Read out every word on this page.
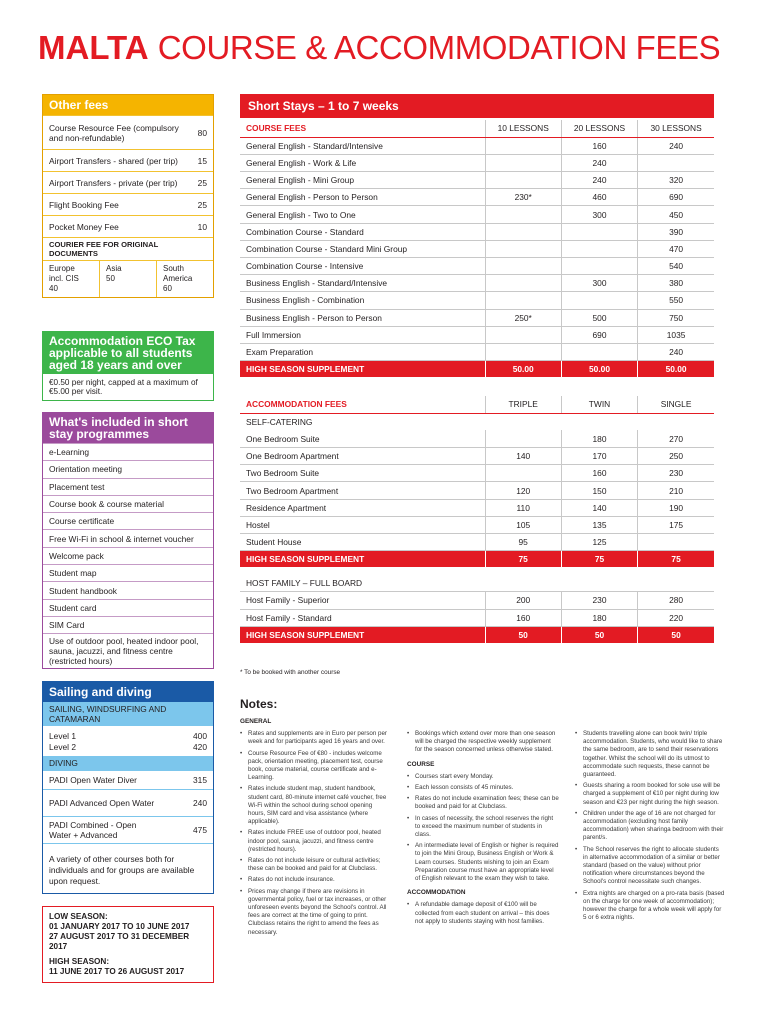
MALTA COURSE & ACCOMMODATION FEES
Other fees
Course Resource Fee (compulsory and non-refundable)	80
Airport Transfers - shared (per trip)	15
Airport Transfers - private (per trip)	25
Flight Booking Fee	25
Pocket Money Fee	10
COURIER FEE FOR ORIGINAL DOCUMENTS
Europe
incl. CIS
40
Asia
50
South America
60
Accommodation ECO Tax applicable to all students aged 18 years and over
€0.50 per night, capped at a maximum of €5.00 per visit.
What's included in short stay programmes
e-Learning
Orientation meeting
Placement test
Course book & course material
Course certificate
Free Wi-Fi in school & internet voucher
Welcome pack
Student map
Student handbook
Student card
SIM Card
Use of outdoor pool, heated indoor pool, sauna, jacuzzi, and fitness centre (restricted hours)
Sailing and diving
SAILING, WINDSURFING AND CATAMARAN
Level 1	400
Level 2	420
DIVING
PADI Open Water Diver	315
PADI Advanced Open Water	240
PADI Combined - Open Water + Advanced	475
A variety of other courses both for individuals and for groups are available upon request.
LOW SEASON:
01 JANUARY 2017 TO 10 JUNE 2017
27 AUGUST 2017 TO 31 DECEMBER 2017
HIGH SEASON:
11 JUNE 2017 TO 26 AUGUST 2017
Short Stays – 1 to 7 weeks
COURSE FEES	10 LESSONS	20 LESSONS	30 LESSONS
General English - Standard/Intensive		160	240
General English - Work & Life		240	
General English - Mini Group		240	320
General English - Person to Person	230*	460	690
General English - Two to One		300	450
Combination Course - Standard			390
Combination Course - Standard Mini Group			470
Combination Course - Intensive			540
Business English - Standard/Intensive		300	380
Business English - Combination			550
Business English - Person to Person	250*	500	750
Full Immersion		690	1035
Exam Preparation			240
HIGH SEASON SUPPLEMENT	50.00	50.00	50.00
ACCOMMODATION FEES	TRIPLE	TWIN	SINGLE
SELF-CATERING			
One Bedroom Suite		180	270
One Bedroom Apartment	140	170	250
Two Bedroom Suite		160	230
Two Bedroom Apartment	120	150	210
Residence Apartment	110	140	190
Hostel	105	135	175
Student House	95	125	
HIGH SEASON SUPPLEMENT	75	75	75
HOST FAMILY – FULL BOARD			
Host Family - Superior	200	230	280
Host Family - Standard	160	180	220
HIGH SEASON SUPPLEMENT	50	50	50
* To be booked with another course
Notes:
GENERAL
• Rates and supplements are in Euro per person per week and for participants aged 16 years and over.
• Course Resource Fee of €80 - includes welcome pack, orientation meeting, placement test, course book, course material, course certificate and e-Learning.
• Rates include student map, student handbook, student card, 80-minute internet café voucher, free Wi-Fi within the school during school opening hours, SIM card and visa assistance (where applicable).
• Rates include FREE use of outdoor pool, heated indoor pool, sauna, jacuzzi, and fitness centre (restricted hours).
• Rates do not include leisure or cultural activities; these can be booked and paid for at Clubclass.
• Rates do not include insurance.
• Prices may change if there are revisions in governmental policy, fuel or tax increases, or other unforeseen events beyond the School's control. All fees are correct at the time of going to print. Clubclass retains the right to amend the fees as necessary.
• Bookings which extend over more than one season will be charged the respective weekly supplement for the season concerned unless otherwise stated.
COURSE
• Courses start every Monday.
• Each lesson consists of 45 minutes.
• Rates do not include examination fees; these can be booked and paid for at Clubclass.
• In cases of necessity, the school reserves the right to exceed the maximum number of students in class.
• An intermediate level of English or higher is required to join the Mini Group, Business English or Work & Learn courses. Students wishing to join an Exam Preparation course must have an appropriate level of English relevant to the exam they wish to take.
ACCOMMODATION
• A refundable damage deposit of €100 will be collected from each student on arrival – this does not apply to students staying with host families.
• Students travelling alone can book twin/ triple accommodation. Students, who would like to share the same bedroom, are to send their reservations together. Whilst the school will do its utmost to accommodate such requests, these cannot be guaranteed.
• Guests sharing a room booked for sole use will be charged a supplement of €10 per night during low season and €23 per night during the high season.
• Children under the age of 16 are not charged for accommodation (excluding host family accommodation) when sharinga bedroom with their parent/s.
• The School reserves the right to allocate students in alternative accommodation of a similar or better standard (based on the value) without prior notification where circumstances beyond the School's control necessitate such changes.
• Extra nights are charged on a pro-rata basis (based on the charge for one week of accommodation); however the charge for a whole week will apply for 5 or 6 extra nights.
